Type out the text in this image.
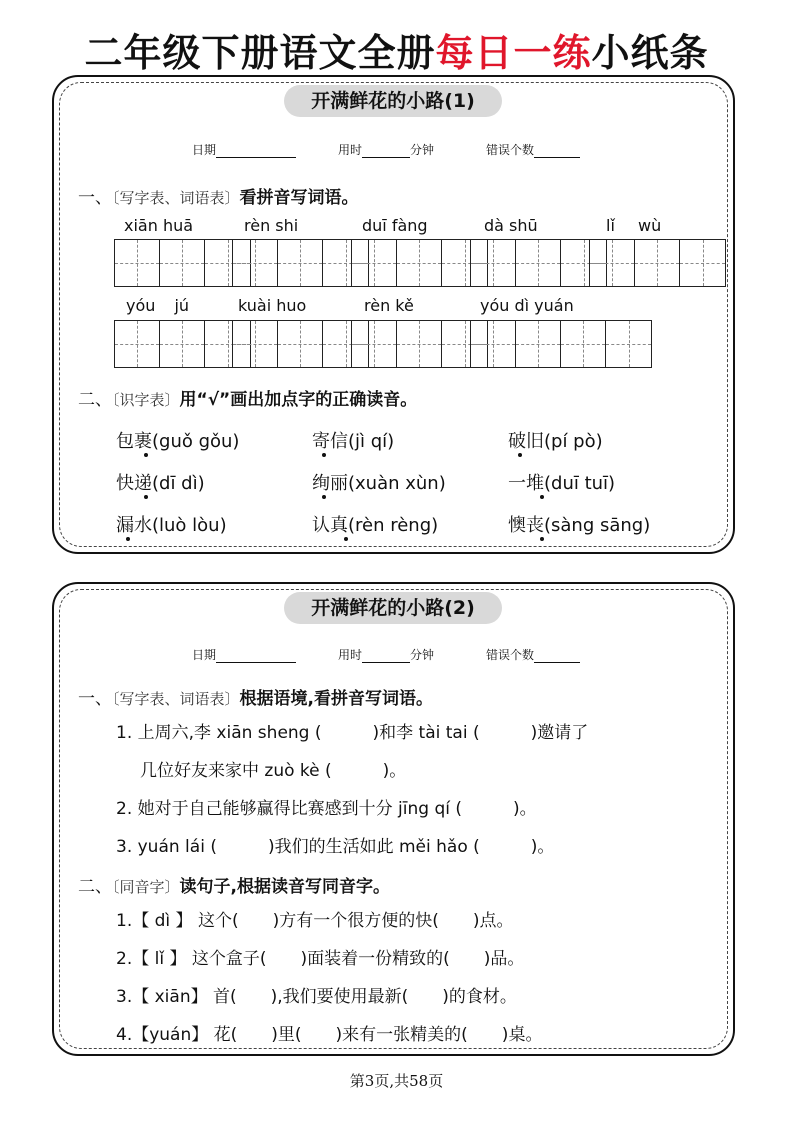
二年级下册语文全册每日一练小纸条
开满鲜花的小路(1)
日期	用时	分钟	错误个数
一、〔写字表、词语表〕看拼音写词语。
xiān huā	rèn shi	duī fàng	dà shū	lǐ wù
yóu jú	kuài huo	rèn kě	yóu dì yuán
二、〔识字表〕用“√”画出加点字的正确读音。
包裹(guǒ gǒu)	寄信(jì qí)	破旧(pí pò)
快递(dī dì)	绚丽(xuàn xùn)	一堆(duī tuī)
漏水(luò lòu)	认真(rèn rèng)	懊丧(sàng sāng)
开满鲜花的小路(2)
日期	用时	分钟	错误个数
一、〔写字表、词语表〕根据语境,看拼音写词语。
1. 上周六,李 xiān sheng (　　　)和李 tài tai (　　　)邀请了
几位好友来家中 zuò kè (　　　)。
2. 她对于自己能够赢得比赛感到十分 jīng qí (　　　)。
3. yuán lái (　　　)我们的生活如此 měi hǎo (　　　)。
二、〔同音字〕读句子,根据读音写同音字。
1.【 dì 】 这个(　　)方有一个很方便的快(　　)点。
2.【 lǐ 】 这个盒子(　　)面装着一份精致的(　　)品。
3.【 xiān】 首(　　),我们要使用最新(　　)的食材。
4.【yuán】 花(　　)里(　　)来有一张精美的(　　)桌。
第3页,共58页
